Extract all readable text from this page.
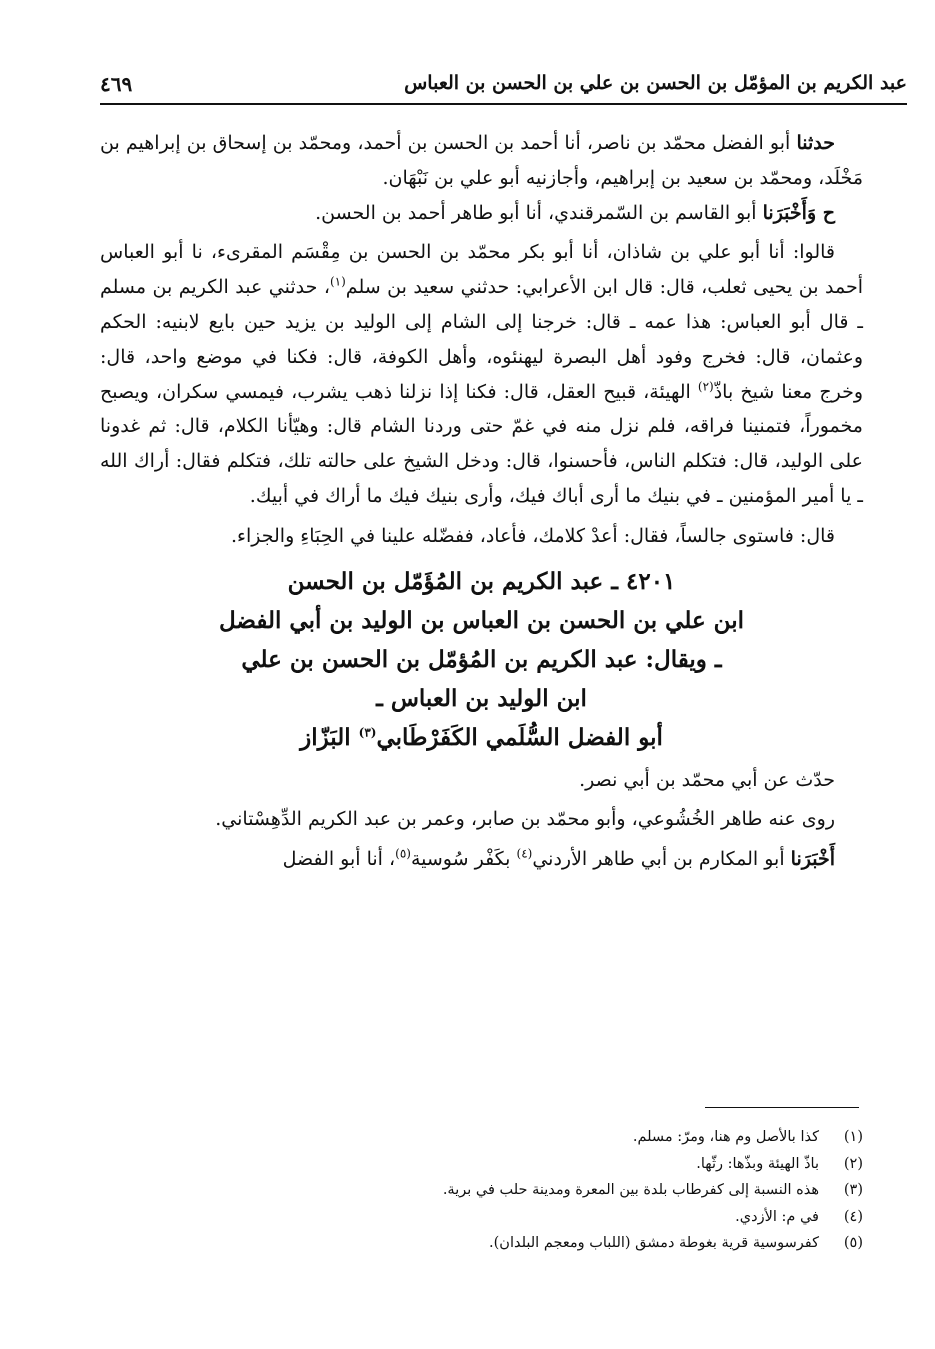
عبد الكريم بن المؤمّل بن الحسن بن علي بن الحسن بن العباس
٤٦٩

حدثنا أبو الفضل محمّد بن ناصر، أنا أحمد بن الحسن بن أحمد، ومحمّد بن إسحاق بن إبراهيم بن مَخْلَد، ومحمّد بن سعيد بن إبراهيم، وأجازنيه أبو علي بن نَبْهَان.

ح وَأَخْبَرَنا أبو القاسم بن السّمرقندي، أنا أبو طاهر أحمد بن الحسن.

قالوا: أنا أبو علي بن شاذان، أنا أبو بكر محمّد بن الحسن بن مِقْسَم المقرىء، نا أبو العباس أحمد بن يحيى ثعلب، قال: قال ابن الأعرابي: حدثني سعيد بن سلم$^{(١)}$، حدثني عبد الكريم بن مسلم ـ قال أبو العباس: هذا عمه ـ قال: خرجنا إلى الشام إلى الوليد بن يزيد حين بايع لابنيه: الحكم وعثمان، قال: فخرج وفود أهل البصرة ليهنئوه، وأهل الكوفة، قال: فكنا في موضع واحد، قال: وخرج معنا شيخ باذّ$^{(٢)}$ الهيئة، قبيح العقل، قال: فكنا إذا نزلنا ذهب يشرب، فيمسي سكران، ويصبح مخموراً، فتمنينا فراقه، فلم نزل منه في غمّ حتى وردنا الشام قال: وهيّأنا الكلام، قال: ثم غدونا على الوليد، قال: فتكلم الناس، فأحسنوا، قال: ودخل الشيخ على حالته تلك، فتكلم فقال: أراك الله ـ يا أمير المؤمنين ـ في بنيك ما أرى أباك فيك، وأرى بنيك فيك ما أراك في أبيك.

قال: فاستوى جالساً، فقال: أعدْ كلامك، فأعاد، ففضّله علينا في الحِبَاءِ والجزاء.

٤٢٠١ ـ عبد الكريم بن المُؤَمّل بن الحسن
ابن علي بن الحسن بن العباس بن الوليد بن أبي الفضل
ـ ويقال: عبد الكريم بن المُؤمّل بن الحسن بن علي
ابن الوليد بن العباس ـ
أبو الفضل السُّلَمي الكَفَرْطَابي$^{(٣)}$ البَزّاز

حدّث عن أبي محمّد بن أبي نصر.

روى عنه طاهر الخُشُوعي، وأبو محمّد بن صابر، وعمر بن عبد الكريم الدِّهِسْتاني.

أَخْبَرَنا أبو المكارم بن أبي طاهر الأردني$^{(٤)}$ بكَفْر سُوسية$^{(٥)}$، أنا أبو الفضل

(١)
كذا بالأصل وم هنا، ومرّ: مسلم.
(٢)
باذّ الهيئة وبذّها: رثّها.
(٣)
هذه النسبة إلى كفرطاب بلدة بين المعرة ومدينة حلب في برية.
(٤)
في م: الأزدي.
(٥)
كفرسوسية قرية بغوطة دمشق (اللباب ومعجم البلدان).
